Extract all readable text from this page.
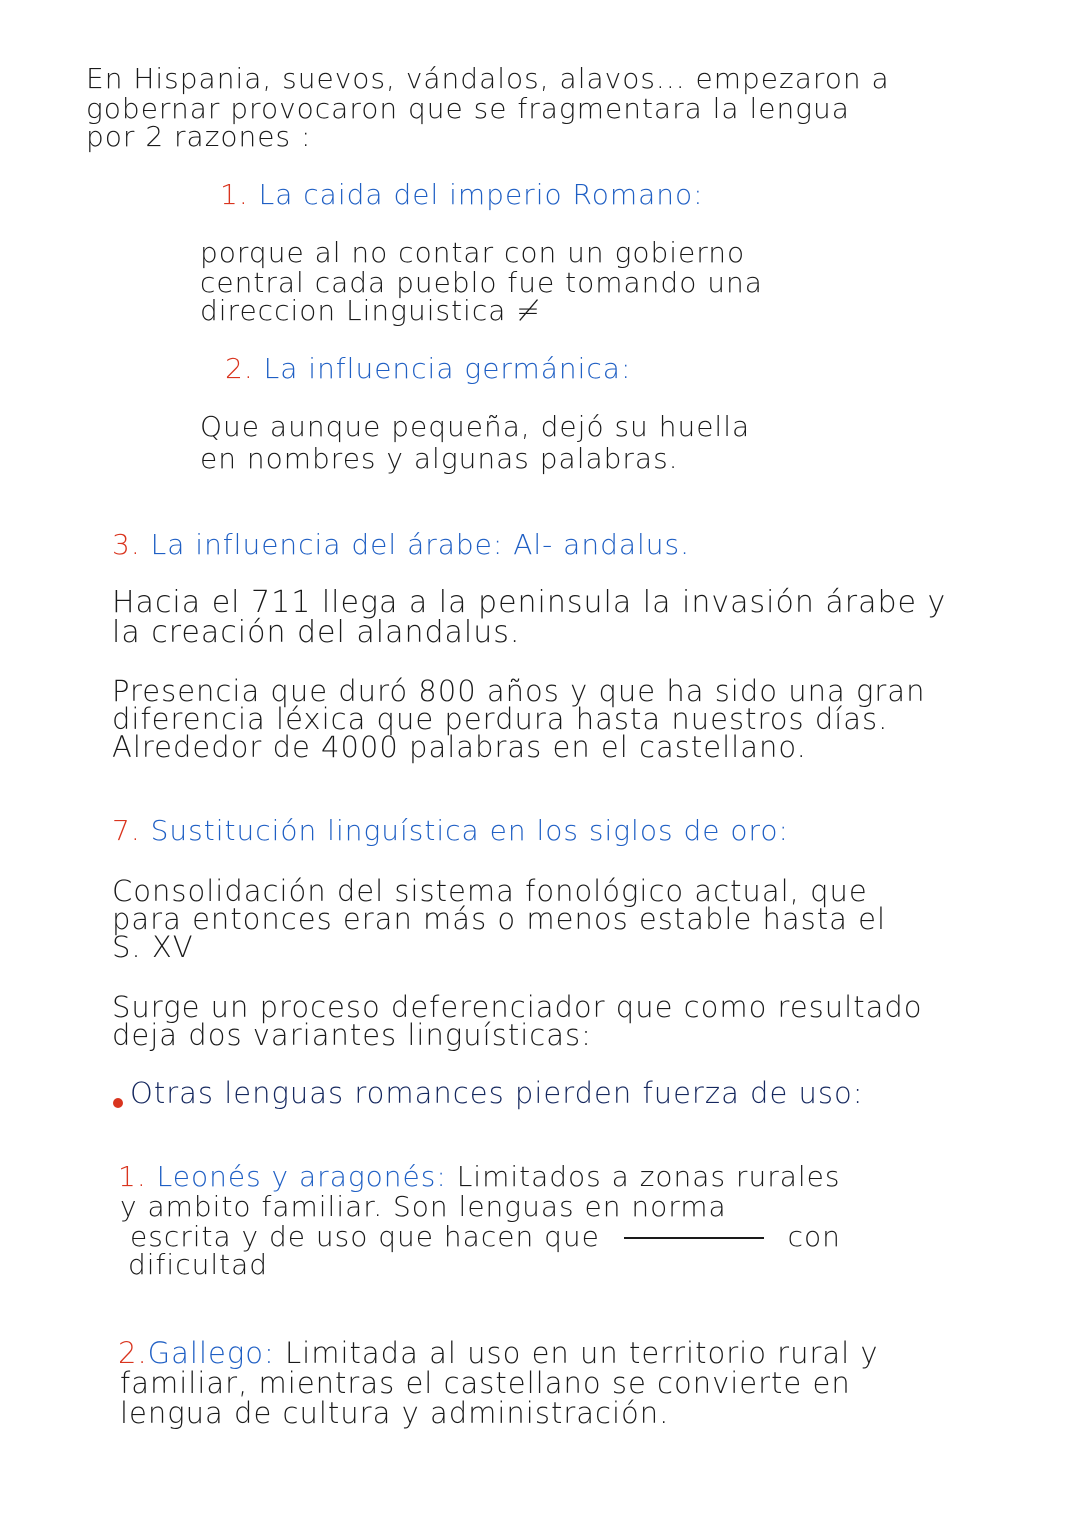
En Hispania, suevos, vándalos, alavos... empezaron a
gobernar provocaron que se fragmentara la lengua
por 2 razones :
1. La caida del imperio Romano:
porque al no contar con un gobierno
central cada pueblo fue tomando una
direccion Linguistica ≠
2. La influencia germánica:
Que aunque pequeña, dejó su huella
en nombres y algunas palabras.
3. La influencia del árabe: Al- andalus.
Hacia el 711 llega a la peninsula la invasión árabe y
la creación del alandalus.
Presencia que duró 800 años y que ha sido una gran
diferencia léxica que perdura hasta nuestros días.
Alrededor de 4000 palabras en el castellano.
7. Sustitución linguística en los siglos de oro:
Consolidación del sistema fonológico actual, que
para entonces eran más o menos estable hasta el
S. XV
Surge un proceso deferenciador que como resultado
deja dos variantes linguísticas:
Otras lenguas romances pierden fuerza de uso:
1. Leonés y aragonés: Limitados a zonas rurales
y ambito familiar. Son lenguas en norma
escrita y de uso que hacen que	con
dificultad
2.Gallego: Limitada al uso en un territorio rural y
familiar, mientras el castellano se convierte en
lengua de cultura y administración.
